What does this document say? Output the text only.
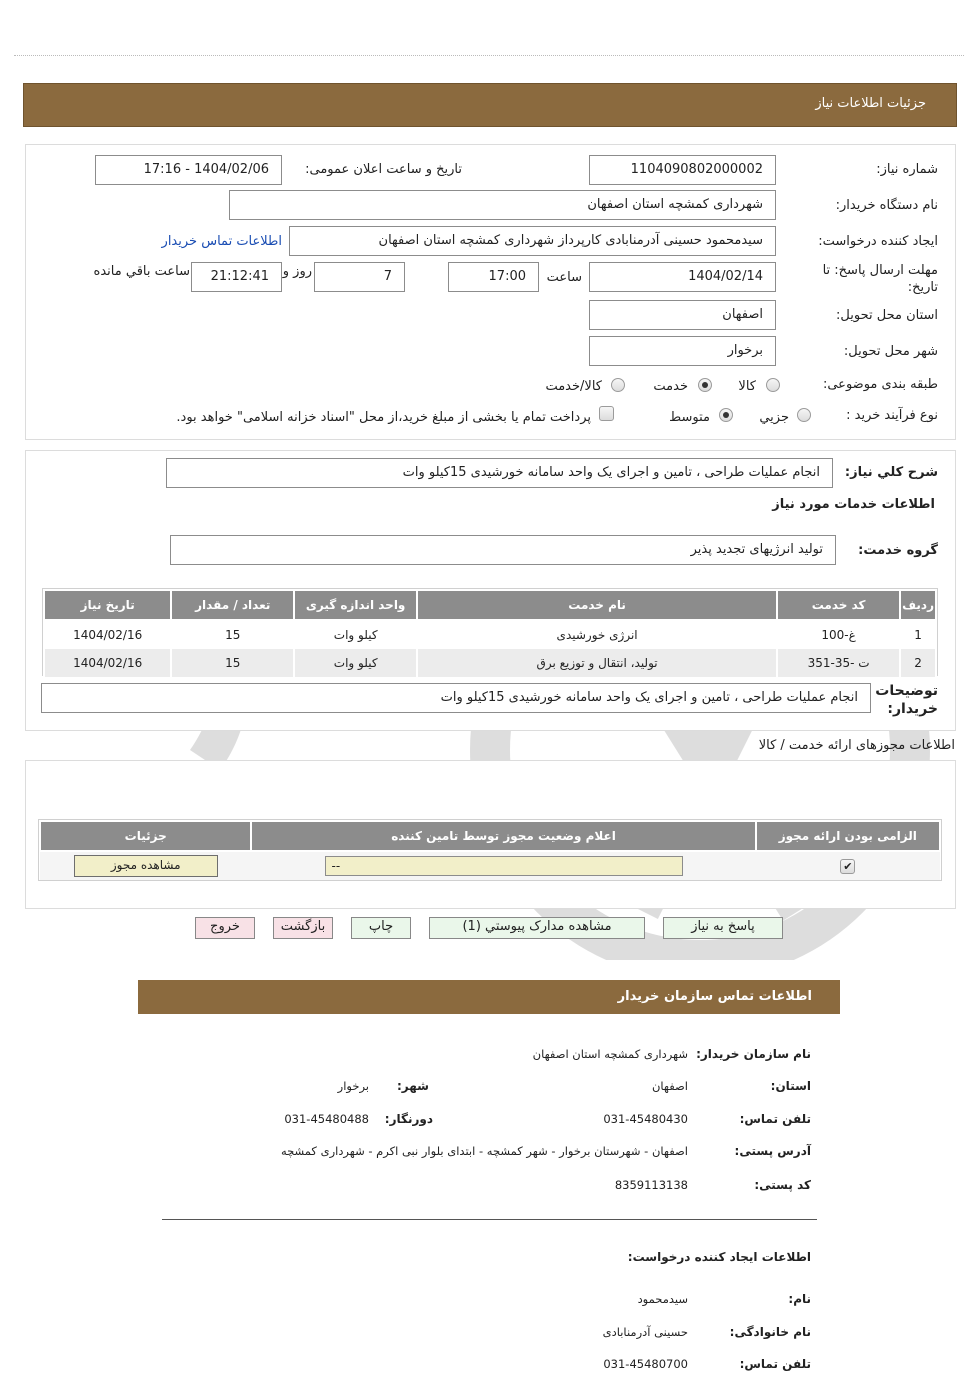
جزئیات اطلاعات نیاز
شماره نیاز:
1104090802000002
تاریخ و ساعت اعلان عمومی:
1404/02/06 - 17:16
نام دستگاه خریدار:
شهرداری کمشچه استان اصفهان
ایجاد کننده درخواست:
سیدمحمود حسینی آدرمنابادی کارپرداز شهرداری کمشچه استان اصفهان
اطلاعات تماس خریدار
مهلت ارسال پاسخ: تا تاریخ:
1404/02/14
ساعت
17:00
7
روز و
21:12:41
ساعت باقي مانده
استان محل تحویل:
اصفهان
شهر محل تحویل:
برخوار
طبقه بندی موضوعی:
کالا
خدمت
کالا/خدمت
نوع فرآیند خرید :
جزیي
متوسط
پرداخت تمام یا بخشی از مبلغ خرید،از محل "اسناد خزانه اسلامی" خواهد بود.
شرح کلي نیاز:
انجام عملیات طراحی ، تامین و اجرای یک واحد سامانه خورشیدی 15کیلو وات
اطلاعات خدمات مورد نیاز
گروه خدمت:
تولید انرژیهای تجدید پذیر
ردیف	کد خدمت	نام خدمت	واحد اندازه گیری	تعداد / مقدار	تاریخ نیاز
1	غ-100	انرژی خورشیدی	کیلو وات	15	1404/02/16
2	ت -35-351	تولید، انتقال و توزیع برق	کیلو وات	15	1404/02/16
توضیحات خریدار:
انجام عملیات طراحی ، تامین و اجرای یک واحد سامانه خورشیدی 15کیلو وات
اطلاعات مجوزهای ارائه خدمت / کالا
الزامی بودن ارائه مجوز	اعلام وضعیت مجوز توسط تامین کننده	جزئیات
✔	--	مشاهده مجوز
پاسخ به نیاز
مشاهده مدارک پیوستي (1)
چاپ
بازگشت
خروج
اطلاعات تماس سازمان خریدار
نام سازمان خریدار:
شهرداری کمشچه استان اصفهان
استان:
اصفهان
شهر:
برخوار
تلفن تماس:
031-45480430
دورنگار:
031-45480488
آدرس پستی:
اصفهان - شهرستان برخوار - شهر کمشچه - ابتدای بلوار نبی اکرم - شهرداری کمشچه
کد پستی:
8359113138
اطلاعات ایجاد کننده درخواست:
نام:
سیدمحمود
نام خانوادگی:
حسینی آدرمنابادی
تلفن تماس:
031-45480700
